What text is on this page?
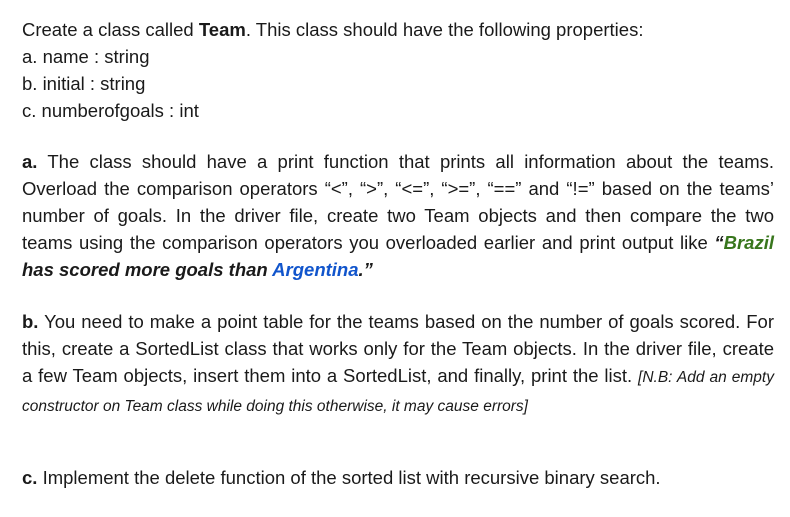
Create a class called Team. This class should have the following properties:
a. name : string
b. initial : string
c. numberofgoals : int
a. The class should have a print function that prints all information about the teams. Overload the comparison operators “<”, “>”, “<=”, “>=”, “==” and “!=” based on the teams’ number of goals. In the driver file, create two Team objects and then compare the two teams using the comparison operators you overloaded earlier and print output like “Brazil has scored more goals than Argentina.”
b. You need to make a point table for the teams based on the number of goals scored. For this, create a SortedList class that works only for the Team objects. In the driver file, create a few Team objects, insert them into a SortedList, and finally, print the list. [N.B: Add an empty constructor on Team class while doing this otherwise, it may cause errors]
c. Implement the delete function of the sorted list with recursive binary search.
